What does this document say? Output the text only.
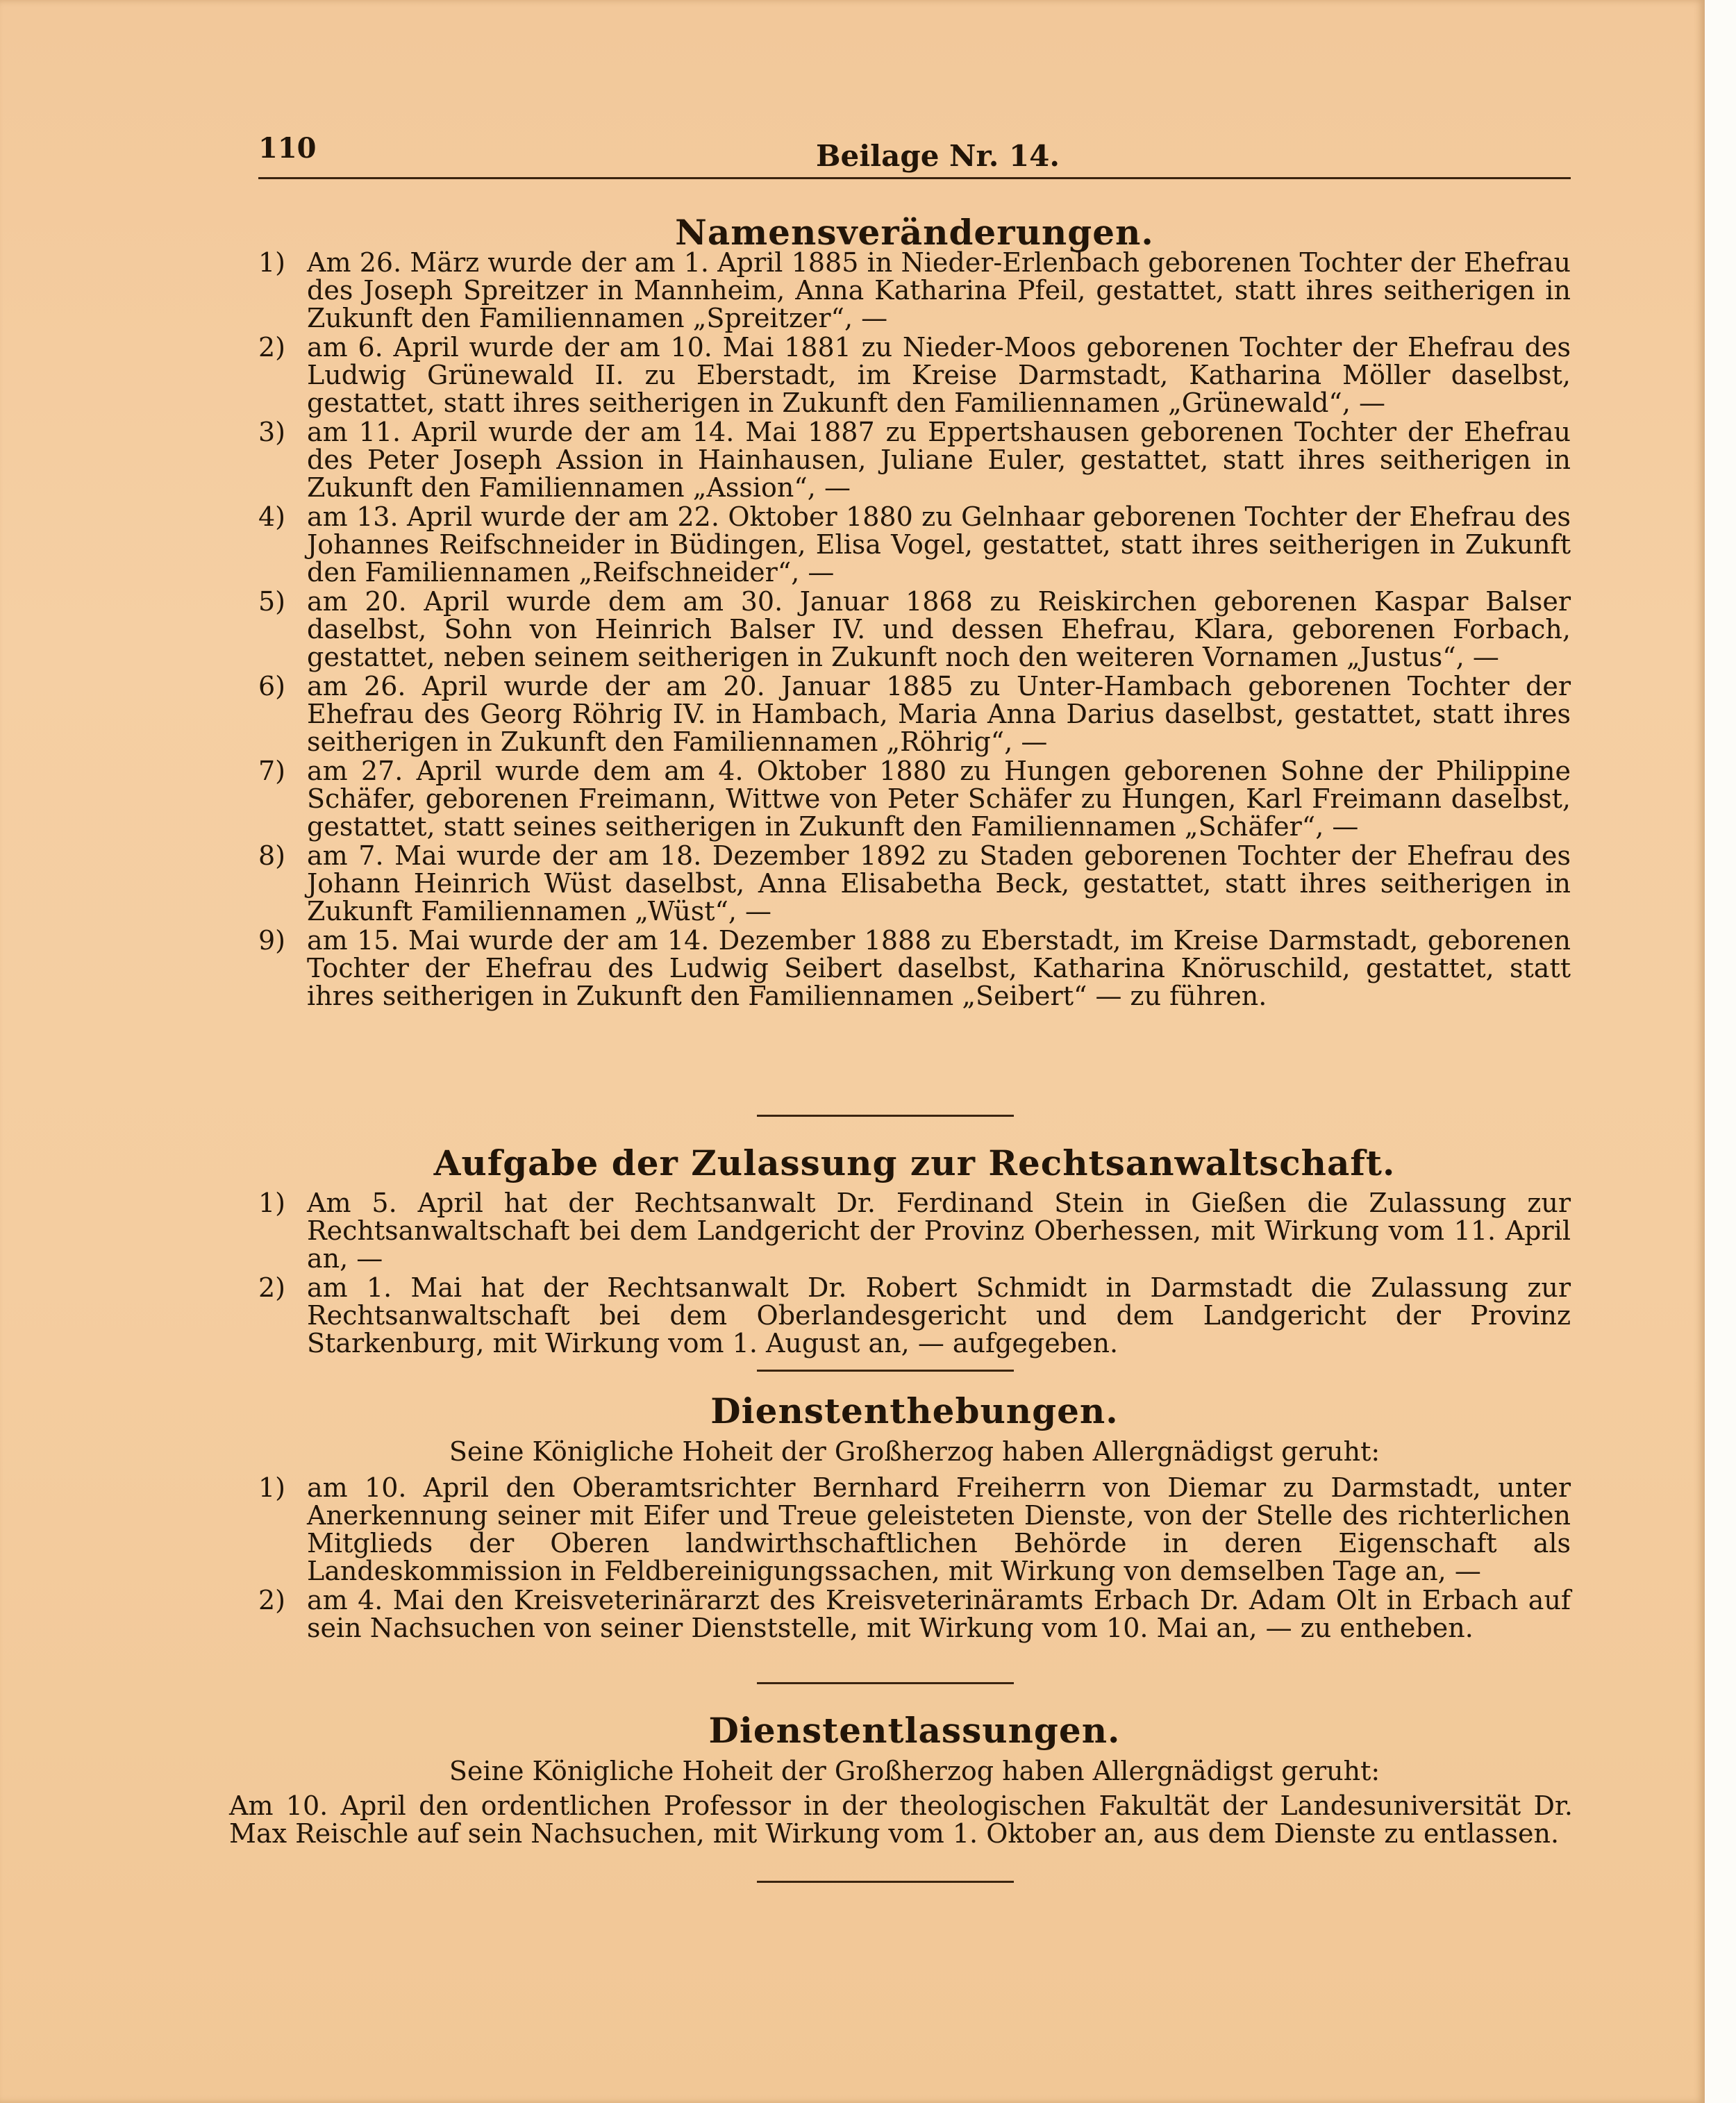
110	Beilage Nr. 14.
Namensveränderungen.
1) Am 26. März wurde der am 1. April 1885 in Nieder-Erlenbach geborenen Tochter der Ehefrau des Joseph Spreitzer in Mannheim, Anna Katharina Pfeil, gestattet, statt ihres seitherigen in Zukunft den Familiennamen „Spreitzer“, —
2) am 6. April wurde der am 10. Mai 1881 zu Nieder-Moos geborenen Tochter der Ehefrau des Ludwig Grünewald II. zu Eberstadt, im Kreise Darmstadt, Katharina Möller daselbst, gestattet, statt ihres seitherigen in Zukunft den Familiennamen „Grünewald“, —
3) am 11. April wurde der am 14. Mai 1887 zu Eppertshausen geborenen Tochter der Ehefrau des Peter Joseph Assion in Hainhausen, Juliane Euler, gestattet, statt ihres seitherigen in Zukunft den Familiennamen „Assion“, —
4) am 13. April wurde der am 22. Oktober 1880 zu Gelnhaar geborenen Tochter der Ehefrau des Johannes Reifschneider in Büdingen, Elisa Vogel, gestattet, statt ihres seitherigen in Zukunft den Familiennamen „Reifschneider“, —
5) am 20. April wurde dem am 30. Januar 1868 zu Reiskirchen geborenen Kaspar Balser daselbst, Sohn von Heinrich Balser IV. und dessen Ehefrau, Klara, geborenen Forbach, gestattet, neben seinem seitherigen in Zukunft noch den weiteren Vornamen „Justus“, —
6) am 26. April wurde der am 20. Januar 1885 zu Unter-Hambach geborenen Tochter der Ehefrau des Georg Röhrig IV. in Hambach, Maria Anna Darius daselbst, gestattet, statt ihres seitherigen in Zukunft den Familiennamen „Röhrig“, —
7) am 27. April wurde dem am 4. Oktober 1880 zu Hungen geborenen Sohne der Philippine Schäfer, geborenen Freimann, Wittwe von Peter Schäfer zu Hungen, Karl Freimann daselbst, gestattet, statt seines seitherigen in Zukunft den Familiennamen „Schäfer“, —
8) am 7. Mai wurde der am 18. Dezember 1892 zu Staden geborenen Tochter der Ehefrau des Johann Heinrich Wüst daselbst, Anna Elisabetha Beck, gestattet, statt ihres seitherigen in Zukunft Familiennamen „Wüst“, —
9) am 15. Mai wurde der am 14. Dezember 1888 zu Eberstadt, im Kreise Darmstadt, geborenen Tochter der Ehefrau des Ludwig Seibert daselbst, Katharina Knöruschild, gestattet, statt ihres seitherigen in Zukunft den Familiennamen „Seibert“ — zu führen.
Aufgabe der Zulassung zur Rechtsanwaltschaft.
1) Am 5. April hat der Rechtsanwalt Dr. Ferdinand Stein in Gießen die Zulassung zur Rechtsanwaltschaft bei dem Landgericht der Provinz Oberhessen, mit Wirkung vom 11. April an, —
2) am 1. Mai hat der Rechtsanwalt Dr. Robert Schmidt in Darmstadt die Zulassung zur Rechtsanwaltschaft bei dem Oberlandesgericht und dem Landgericht der Provinz Starkenburg, mit Wirkung vom 1. August an, — aufgegeben.
Dienstenthebungen.
Seine Königliche Hoheit der Großherzog haben Allergnädigst geruht:
1) am 10. April den Oberamtsrichter Bernhard Freiherrn von Diemar zu Darmstadt, unter Anerkennung seiner mit Eifer und Treue geleisteten Dienste, von der Stelle des richterlichen Mitglieds der Oberen landwirthschaftlichen Behörde in deren Eigenschaft als Landeskommission in Feldbereinigungssachen, mit Wirkung von demselben Tage an, —
2) am 4. Mai den Kreisveterinärarzt des Kreisveterinäramts Erbach Dr. Adam Olt in Erbach auf sein Nachsuchen von seiner Dienststelle, mit Wirkung vom 10. Mai an, — zu entheben.
Dienstentlassungen.
Seine Königliche Hoheit der Großherzog haben Allergnädigst geruht:
Am 10. April den ordentlichen Professor in der theologischen Fakultät der Landesuniversität Dr. Max Reischle auf sein Nachsuchen, mit Wirkung vom 1. Oktober an, aus dem Dienste zu entlassen.
